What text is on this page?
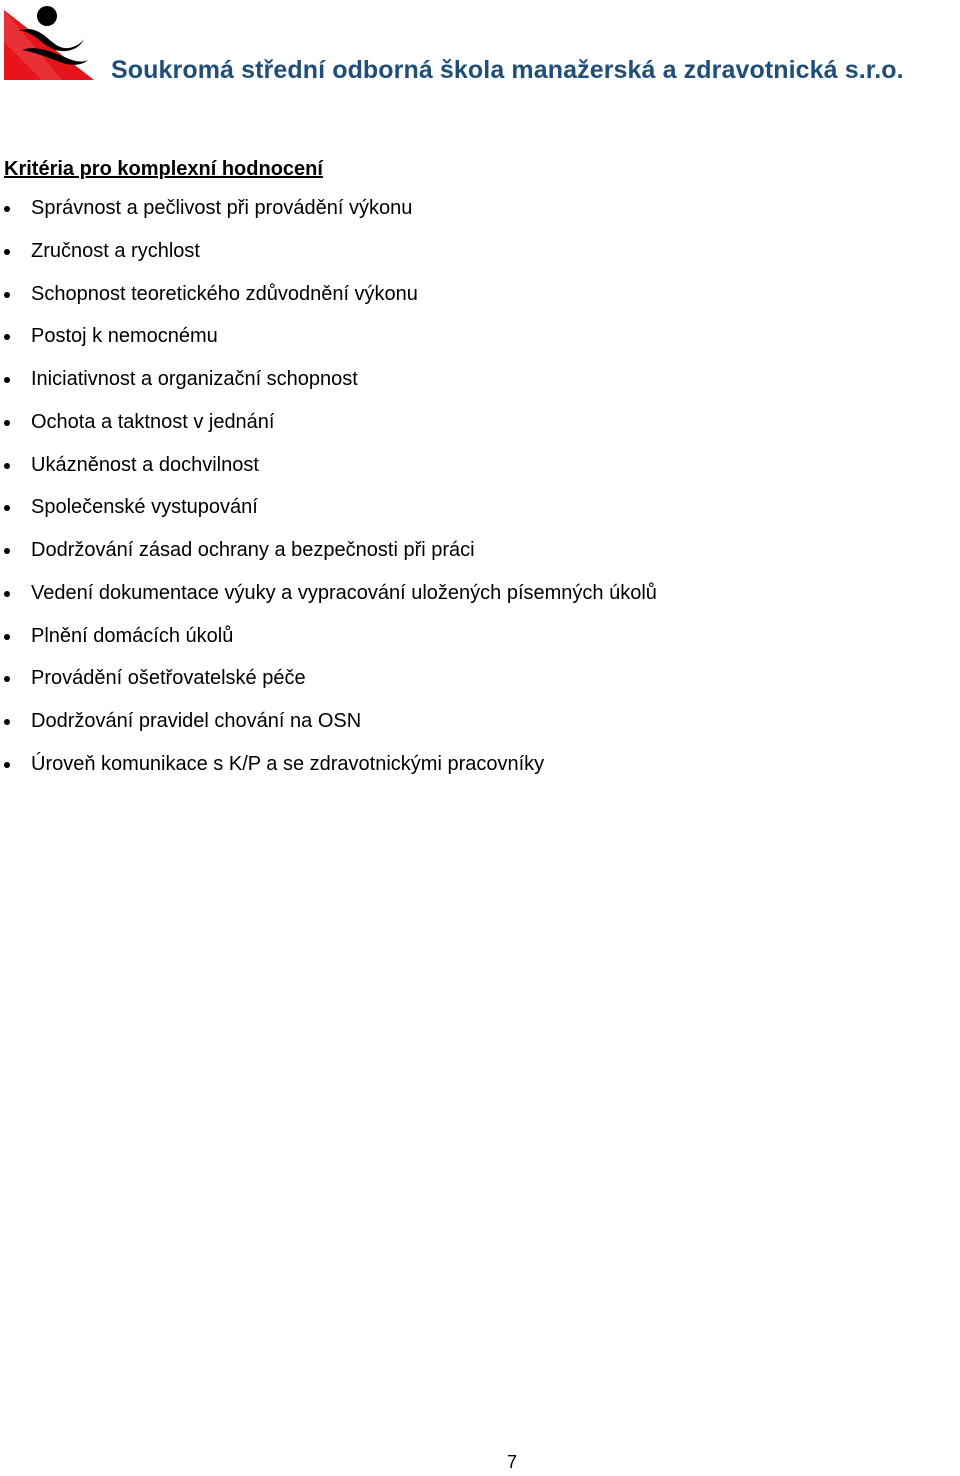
Soukromá střední odborná škola manažerská a zdravotnická s.r.o.
Kritéria pro komplexní hodnocení
Správnost a pečlivost při provádění výkonu
Zručnost a rychlost
Schopnost teoretického zdůvodnění výkonu
Postoj k nemocnému
Iniciativnost a organizační schopnost
Ochota a taktnost v jednání
Ukázněnost a dochvilnost
Společenské vystupování
Dodržování zásad ochrany a bezpečnosti při práci
Vedení dokumentace výuky a vypracování uložených písemných úkolů
Plnění domácích úkolů
Provádění ošetřovatelské péče
Dodržování pravidel chování na OSN
Úroveň komunikace s K/P a se zdravotnickými pracovníky
7
